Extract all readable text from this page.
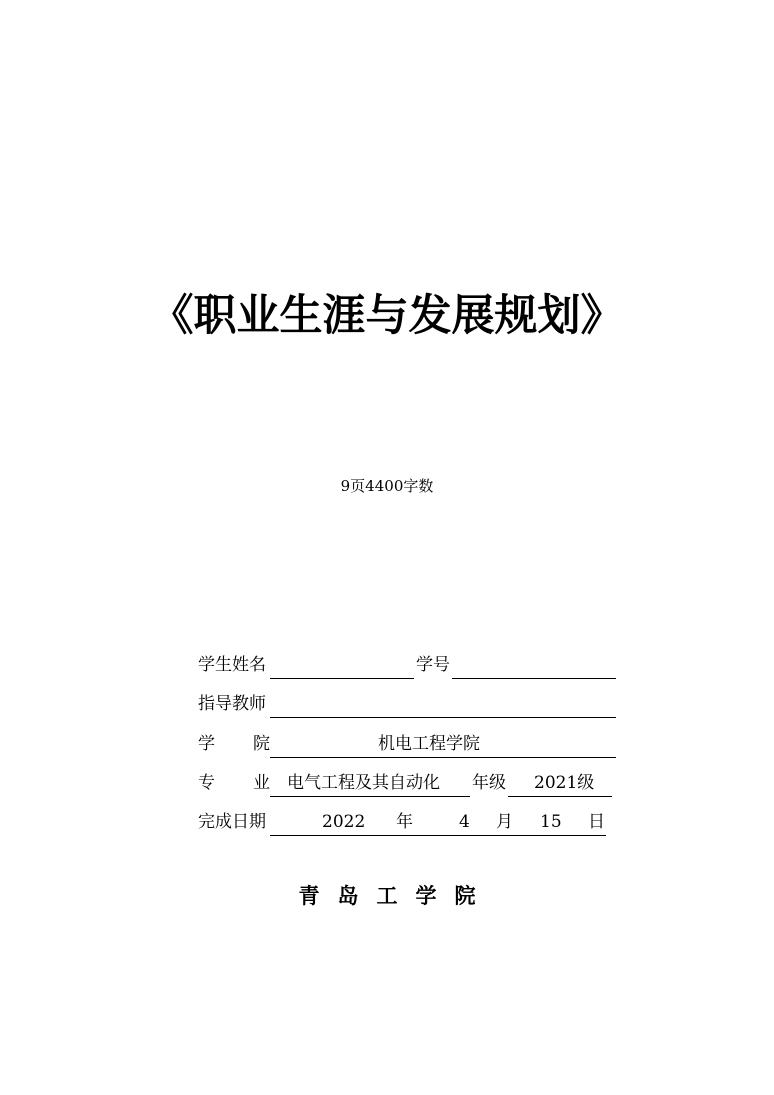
《职业生涯与发展规划》
9页4400字数
学生姓名	学号
指导教师
学 院	机电工程学院
专 业 电气工程及其自动化 年级 2021级
完成日期	2022 年	4 月 15 日
青岛工学院
